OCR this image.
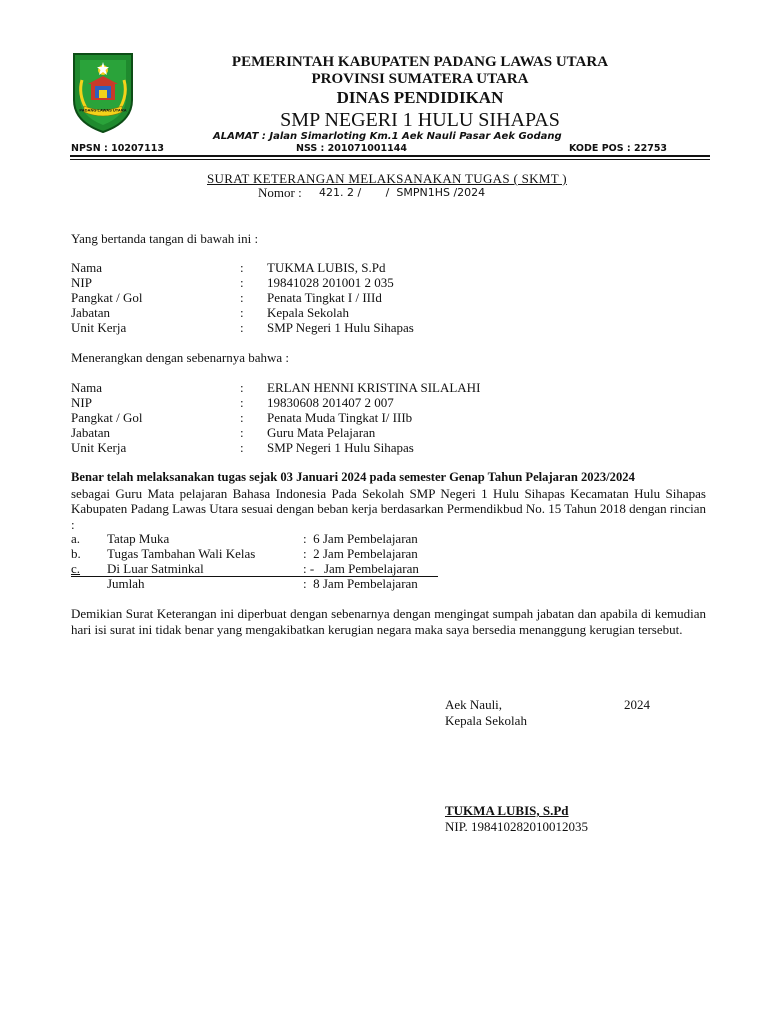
PADANG LAWAS UTARA
PEMERINTAH KABUPATEN PADANG LAWAS UTARA
PROVINSI SUMATERA UTARA
DINAS PENDIDIKAN
SMP NEGERI 1 HULU SIHAPAS
ALAMAT : Jalan Simarloting Km.1 Aek Nauli Pasar Aek Godang
NPSN : 10207113	NSS : 201071001144	KODE POS : 22753
SURAT KETERANGAN MELAKSANAKAN TUGAS ( SKMT )
Nomor : 421. 2 /       /  SMPN1HS /2024
Yang bertanda tangan di bawah ini :
Nama	: TUKMA LUBIS, S.Pd
NIP	: 19841028 201001 2 035
Pangkat / Gol	: Penata Tingkat I / IIId
Jabatan	: Kepala Sekolah
Unit Kerja	: SMP Negeri 1 Hulu Sihapas
Menerangkan dengan sebenarnya bahwa :
Nama	: ERLAN HENNI KRISTINA SILALAHI
NIP	: 19830608 201407 2 007
Pangkat / Gol	: Penata Muda Tingkat I/ IIIb
Jabatan	: Guru Mata Pelajaran
Unit Kerja	: SMP Negeri 1 Hulu Sihapas
Benar telah melaksanakan tugas sejak 03 Januari 2024 pada semester Genap Tahun Pelajaran 2023/2024
sebagai Guru Mata pelajaran Bahasa Indonesia Pada Sekolah SMP Negeri 1 Hulu Sihapas Kecamatan Hulu Sihapas Kabupaten Padang Lawas Utara sesuai dengan beban kerja berdasarkan Permendikbud No. 15 Tahun 2018 dengan rincian :
a. Tatap Muka	:  6 Jam Pembelajaran
b. Tugas Tambahan Wali Kelas	:  2 Jam Pembelajaran
c. Di Luar Satminkal	: -   Jam Pembelajaran
Jumlah	:  8 Jam Pembelajaran
Demikian Surat Keterangan ini diperbuat dengan sebenarnya dengan mengingat sumpah jabatan dan apabila di kemudian hari isi surat ini tidak benar yang mengakibatkan kerugian negara maka saya bersedia menanggung kerugian tersebut.
Aek Nauli,	2024
Kepala Sekolah
TUKMA LUBIS, S.Pd
NIP. 198410282010012035
